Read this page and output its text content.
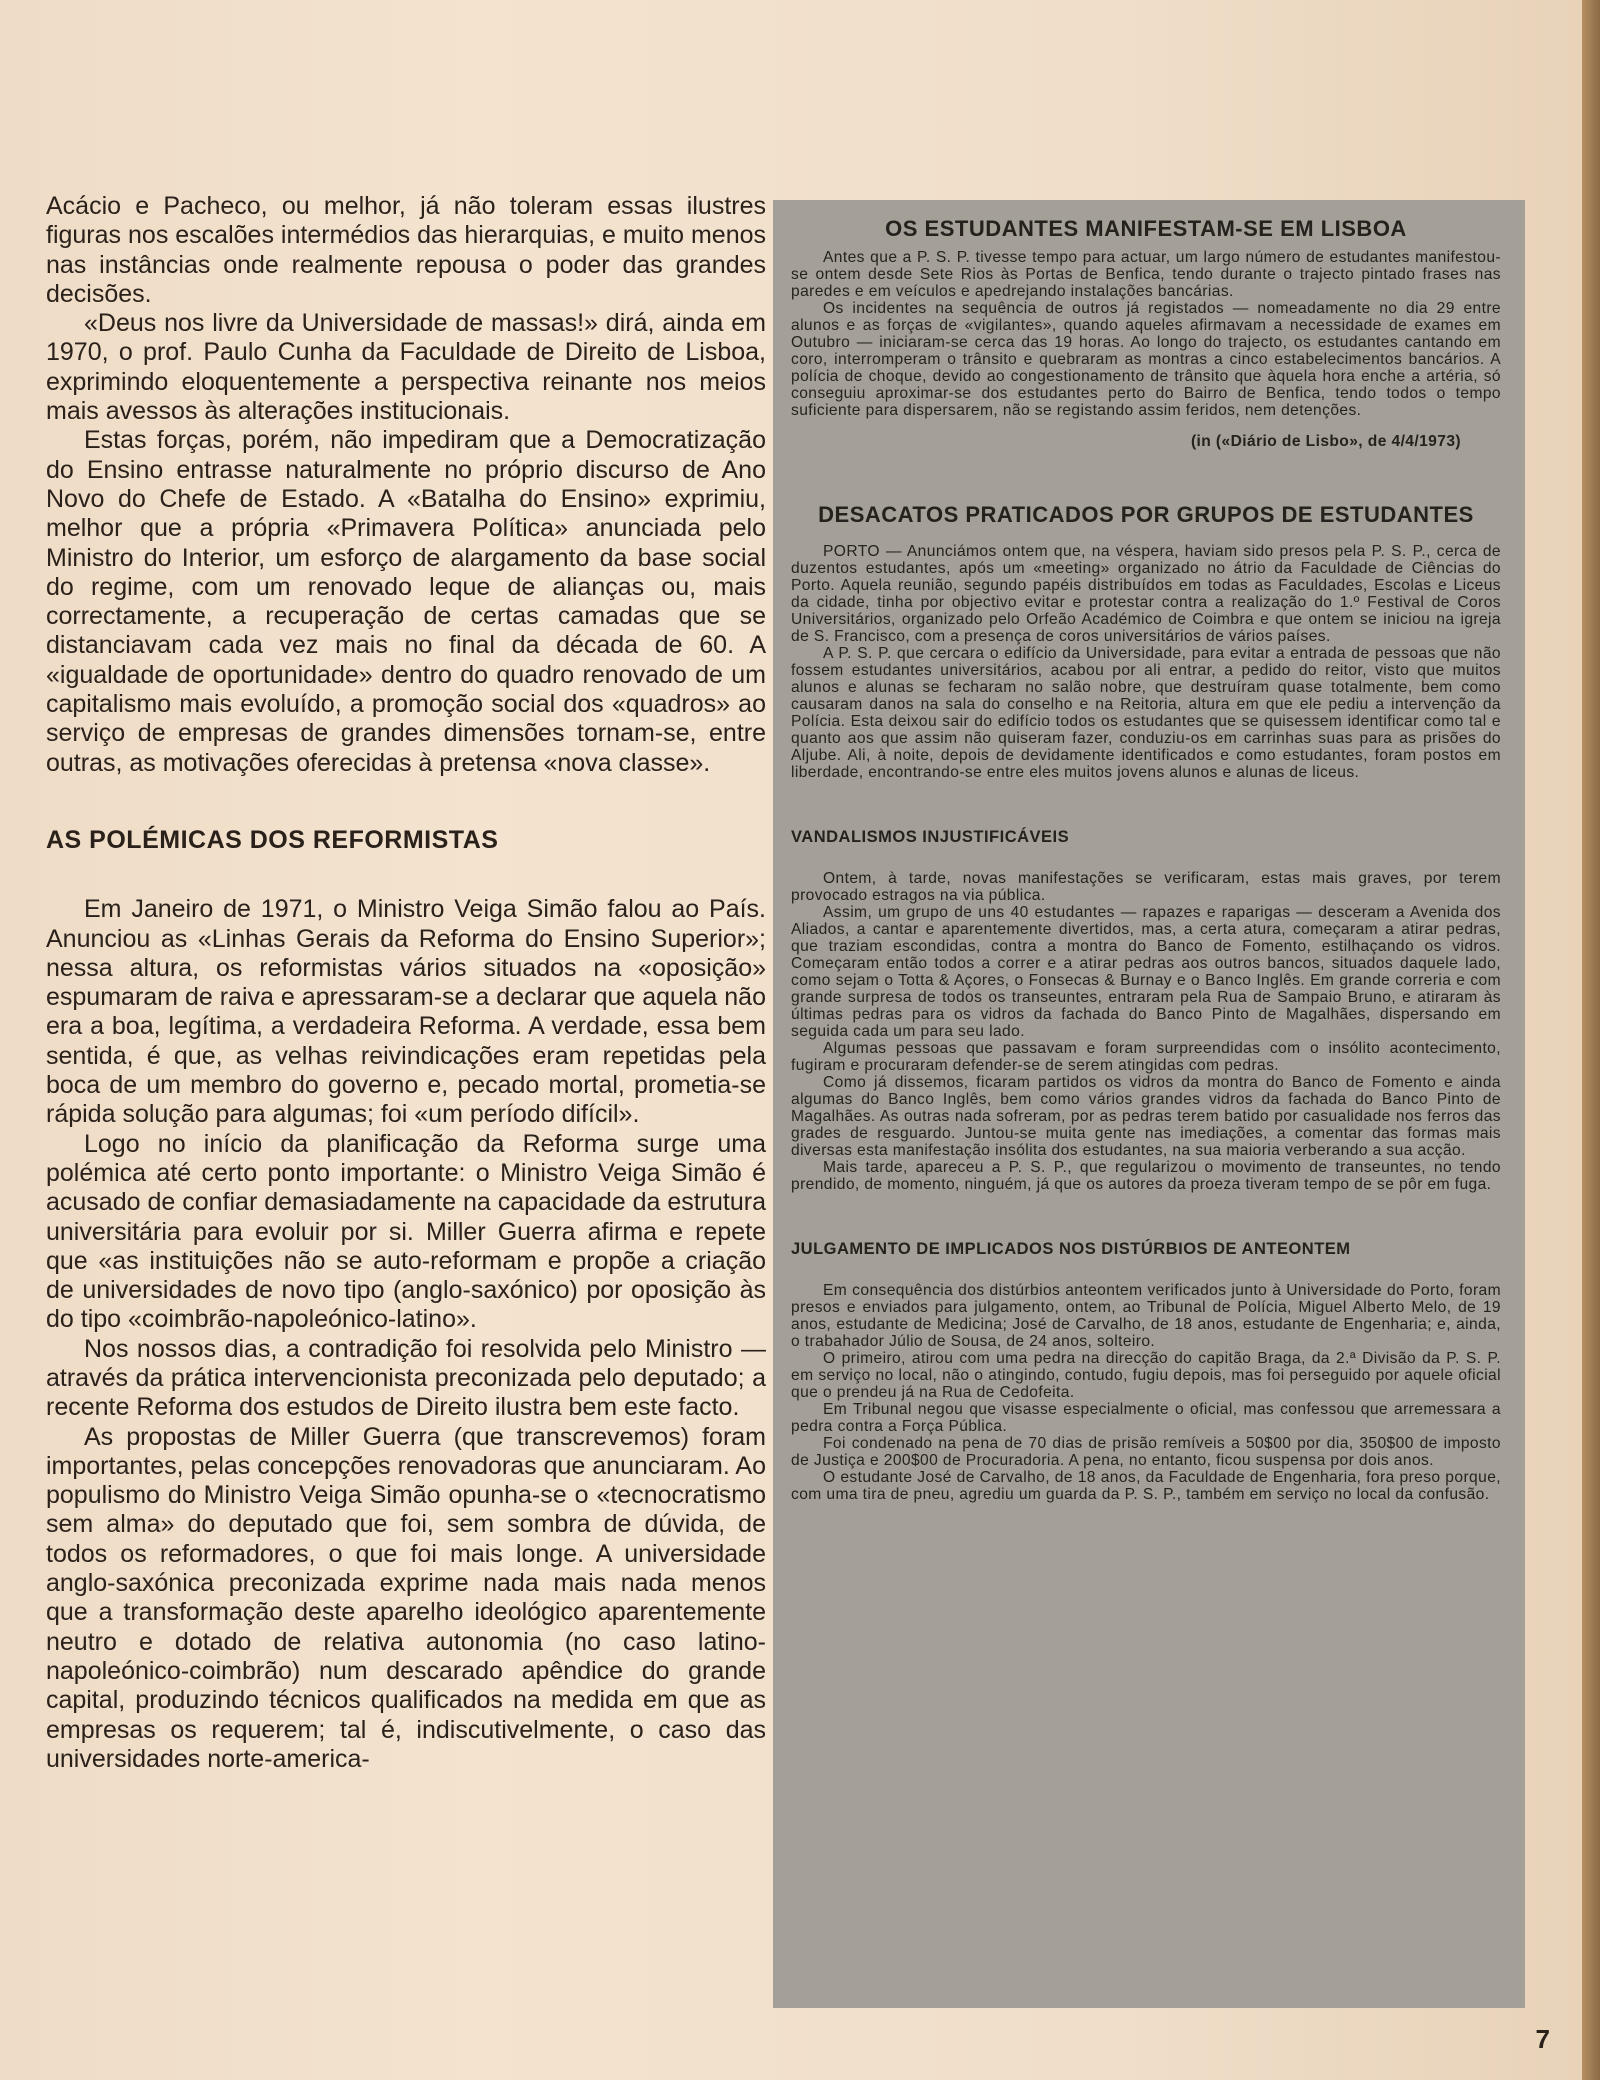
Acácio e Pacheco, ou melhor, já não toleram essas ilustres figuras nos escalões intermédios das hierarquias, e muito menos nas instâncias onde realmente repousa o poder das grandes decisões.

«Deus nos livre da Universidade de massas!» dirá, ainda em 1970, o prof. Paulo Cunha da Faculdade de Direito de Lisboa, exprimindo eloquentemente a perspectiva reinante nos meios mais avessos às alterações institucionais.

Estas forças, porém, não impediram que a Democratização do Ensino entrasse naturalmente no próprio discurso de Ano Novo do Chefe de Estado. A «Batalha do Ensino» exprimiu, melhor que a própria «Primavera Política» anunciada pelo Ministro do Interior, um esforço de alargamento da base social do regime, com um renovado leque de alianças ou, mais correctamente, a recuperação de certas camadas que se distanciavam cada vez mais no final da década de 60. A «igualdade de oportunidade» dentro do quadro renovado de um capitalismo mais evoluído, a promoção social dos «quadros» ao serviço de empresas de grandes dimensões tornam-se, entre outras, as motivações oferecidas à pretensa «nova classe».

AS POLÉMICAS DOS REFORMISTAS

Em Janeiro de 1971, o Ministro Veiga Simão falou ao País. Anunciou as «Linhas Gerais da Reforma do Ensino Superior»; nessa altura, os reformistas vários situados na «oposição» espumaram de raiva e apressaram-se a declarar que aquela não era a boa, legítima, a verdadeira Reforma. A verdade, essa bem sentida, é que, as velhas reivindicações eram repetidas pela boca de um membro do governo e, pecado mortal, prometia-se rápida solução para algumas; foi «um período difícil».

Logo no início da planificação da Reforma surge uma polémica até certo ponto importante: o Ministro Veiga Simão é acusado de confiar demasiadamente na capacidade da estrutura universitária para evoluir por si. Miller Guerra afirma e repete que «as instituições não se auto-reformam e propõe a criação de universidades de novo tipo (anglo-saxónico) por oposição às do tipo «coimbrão-napoleónico-latino».

Nos nossos dias, a contradição foi resolvida pelo Ministro — através da prática intervencionista preconizada pelo deputado; a recente Reforma dos estudos de Direito ilustra bem este facto.

As propostas de Miller Guerra (que transcrevemos) foram importantes, pelas concepções renovadoras que anunciaram. Ao populismo do Ministro Veiga Simão opunha-se o «tecnocratismo sem alma» do deputado que foi, sem sombra de dúvida, de todos os reformadores, o que foi mais longe. A universidade anglo-saxónica preconizada exprime nada mais nada menos que a transformação deste aparelho ideológico aparentemente neutro e dotado de relativa autonomia (no caso latino-napoleónico-coimbrão) num descarado apêndice do grande capital, produzindo técnicos qualificados na medida em que as empresas os requerem; tal é, indiscutivelmente, o caso das universidades norte-america-

OS ESTUDANTES MANIFESTAM-SE EM LISBOA

Antes que a P. S. P. tivesse tempo para actuar, um largo número de estudantes manifestou-se ontem desde Sete Rios às Portas de Benfica, tendo durante o trajecto pintado frases nas paredes e em veículos e apedrejando instalações bancárias.

Os incidentes na sequência de outros já registados — nomeadamente no dia 29 entre alunos e as forças de «vigilantes», quando aqueles afirmavam a necessidade de exames em Outubro — iniciaram-se cerca das 19 horas. Ao longo do trajecto, os estudantes cantando em coro, interromperam o trânsito e quebraram as montras a cinco estabelecimentos bancários. A polícia de choque, devido ao congestionamento de trânsito que àquela hora enche a artéria, só conseguiu aproximar-se dos estudantes perto do Bairro de Benfica, tendo todos o tempo suficiente para dispersarem, não se registando assim feridos, nem detenções.

(in («Diário de Lisbo», de 4/4/1973)

DESACATOS PRATICADOS POR GRUPOS DE ESTUDANTES

PORTO — Anunciámos ontem que, na véspera, haviam sido presos pela P. S. P., cerca de duzentos estudantes, após um «meeting» organizado no átrio da Faculdade de Ciências do Porto. Aquela reunião, segundo papéis distribuídos em todas as Faculdades, Escolas e Liceus da cidade, tinha por objectivo evitar e protestar contra a realização do 1.º Festival de Coros Universitários, organizado pelo Orfeão Académico de Coimbra e que ontem se iniciou na igreja de S. Francisco, com a presença de coros universitários de vários países.

A P. S. P. que cercara o edifício da Universidade, para evitar a entrada de pessoas que não fossem estudantes universitários, acabou por ali entrar, a pedido do reitor, visto que muitos alunos e alunas se fecharam no salão nobre, que destruíram quase totalmente, bem como causaram danos na sala do conselho e na Reitoria, altura em que ele pediu a intervenção da Polícia. Esta deixou sair do edifício todos os estudantes que se quisessem identificar como tal e quanto aos que assim não quiseram fazer, conduziu-os em carrinhas suas para as prisões do Aljube. Ali, à noite, depois de devidamente identificados e como estudantes, foram postos em liberdade, encontrando-se entre eles muitos jovens alunos e alunas de liceus.

VANDALISMOS INJUSTIFICÁVEIS

Ontem, à tarde, novas manifestações se verificaram, estas mais graves, por terem provocado estragos na via pública.

Assim, um grupo de uns 40 estudantes — rapazes e raparigas — desceram a Avenida dos Aliados, a cantar e aparentemente divertidos, mas, a certa atura, começaram a atirar pedras, que traziam escondidas, contra a montra do Banco de Fomento, estilhaçando os vidros. Começaram então todos a correr e a atirar pedras aos outros bancos, situados daquele lado, como sejam o Totta & Açores, o Fonsecas & Burnay e o Banco Inglês. Em grande correria e com grande surpresa de todos os transeuntes, entraram pela Rua de Sampaio Bruno, e atiraram às últimas pedras para os vidros da fachada do Banco Pinto de Magalhães, dispersando em seguida cada um para seu lado.

Algumas pessoas que passavam e foram surpreendidas com o insólito acontecimento, fugiram e procuraram defender-se de serem atingidas com pedras.

Como já dissemos, ficaram partidos os vidros da montra do Banco de Fomento e ainda algumas do Banco Inglês, bem como vários grandes vidros da fachada do Banco Pinto de Magalhães. As outras nada sofreram, por as pedras terem batido por casualidade nos ferros das grades de resguardo. Juntou-se muita gente nas imediações, a comentar das formas mais diversas esta manifestação insólita dos estudantes, na sua maioria verberando a sua acção.

Mais tarde, apareceu a P. S. P., que regularizou o movimento de transeuntes, no tendo prendido, de momento, ninguém, já que os autores da proeza tiveram tempo de se pôr em fuga.

JULGAMENTO DE IMPLICADOS NOS DISTÚRBIOS DE ANTEONTEM

Em consequência dos distúrbios anteontem verificados junto à Universidade do Porto, foram presos e enviados para julgamento, ontem, ao Tribunal de Polícia, Miguel Alberto Melo, de 19 anos, estudante de Medicina; José de Carvalho, de 18 anos, estudante de Engenharia; e, ainda, o trabahador Júlio de Sousa, de 24 anos, solteiro.

O primeiro, atirou com uma pedra na direcção do capitão Braga, da 2.ª Divisão da P. S. P. em serviço no local, não o atingindo, contudo, fugiu depois, mas foi perseguido por aquele oficial que o prendeu já na Rua de Cedofeita.

Em Tribunal negou que visasse especialmente o oficial, mas confessou que arremessara a pedra contra a Força Pública.

Foi condenado na pena de 70 dias de prisão remíveis a 50$00 por dia, 350$00 de imposto de Justiça e 200$00 de Procuradoria. A pena, no entanto, ficou suspensa por dois anos.

O estudante José de Carvalho, de 18 anos, da Faculdade de Engenharia, fora preso porque, com uma tira de pneu, agrediu um guarda da P. S. P., também em serviço no local da confusão.

7
